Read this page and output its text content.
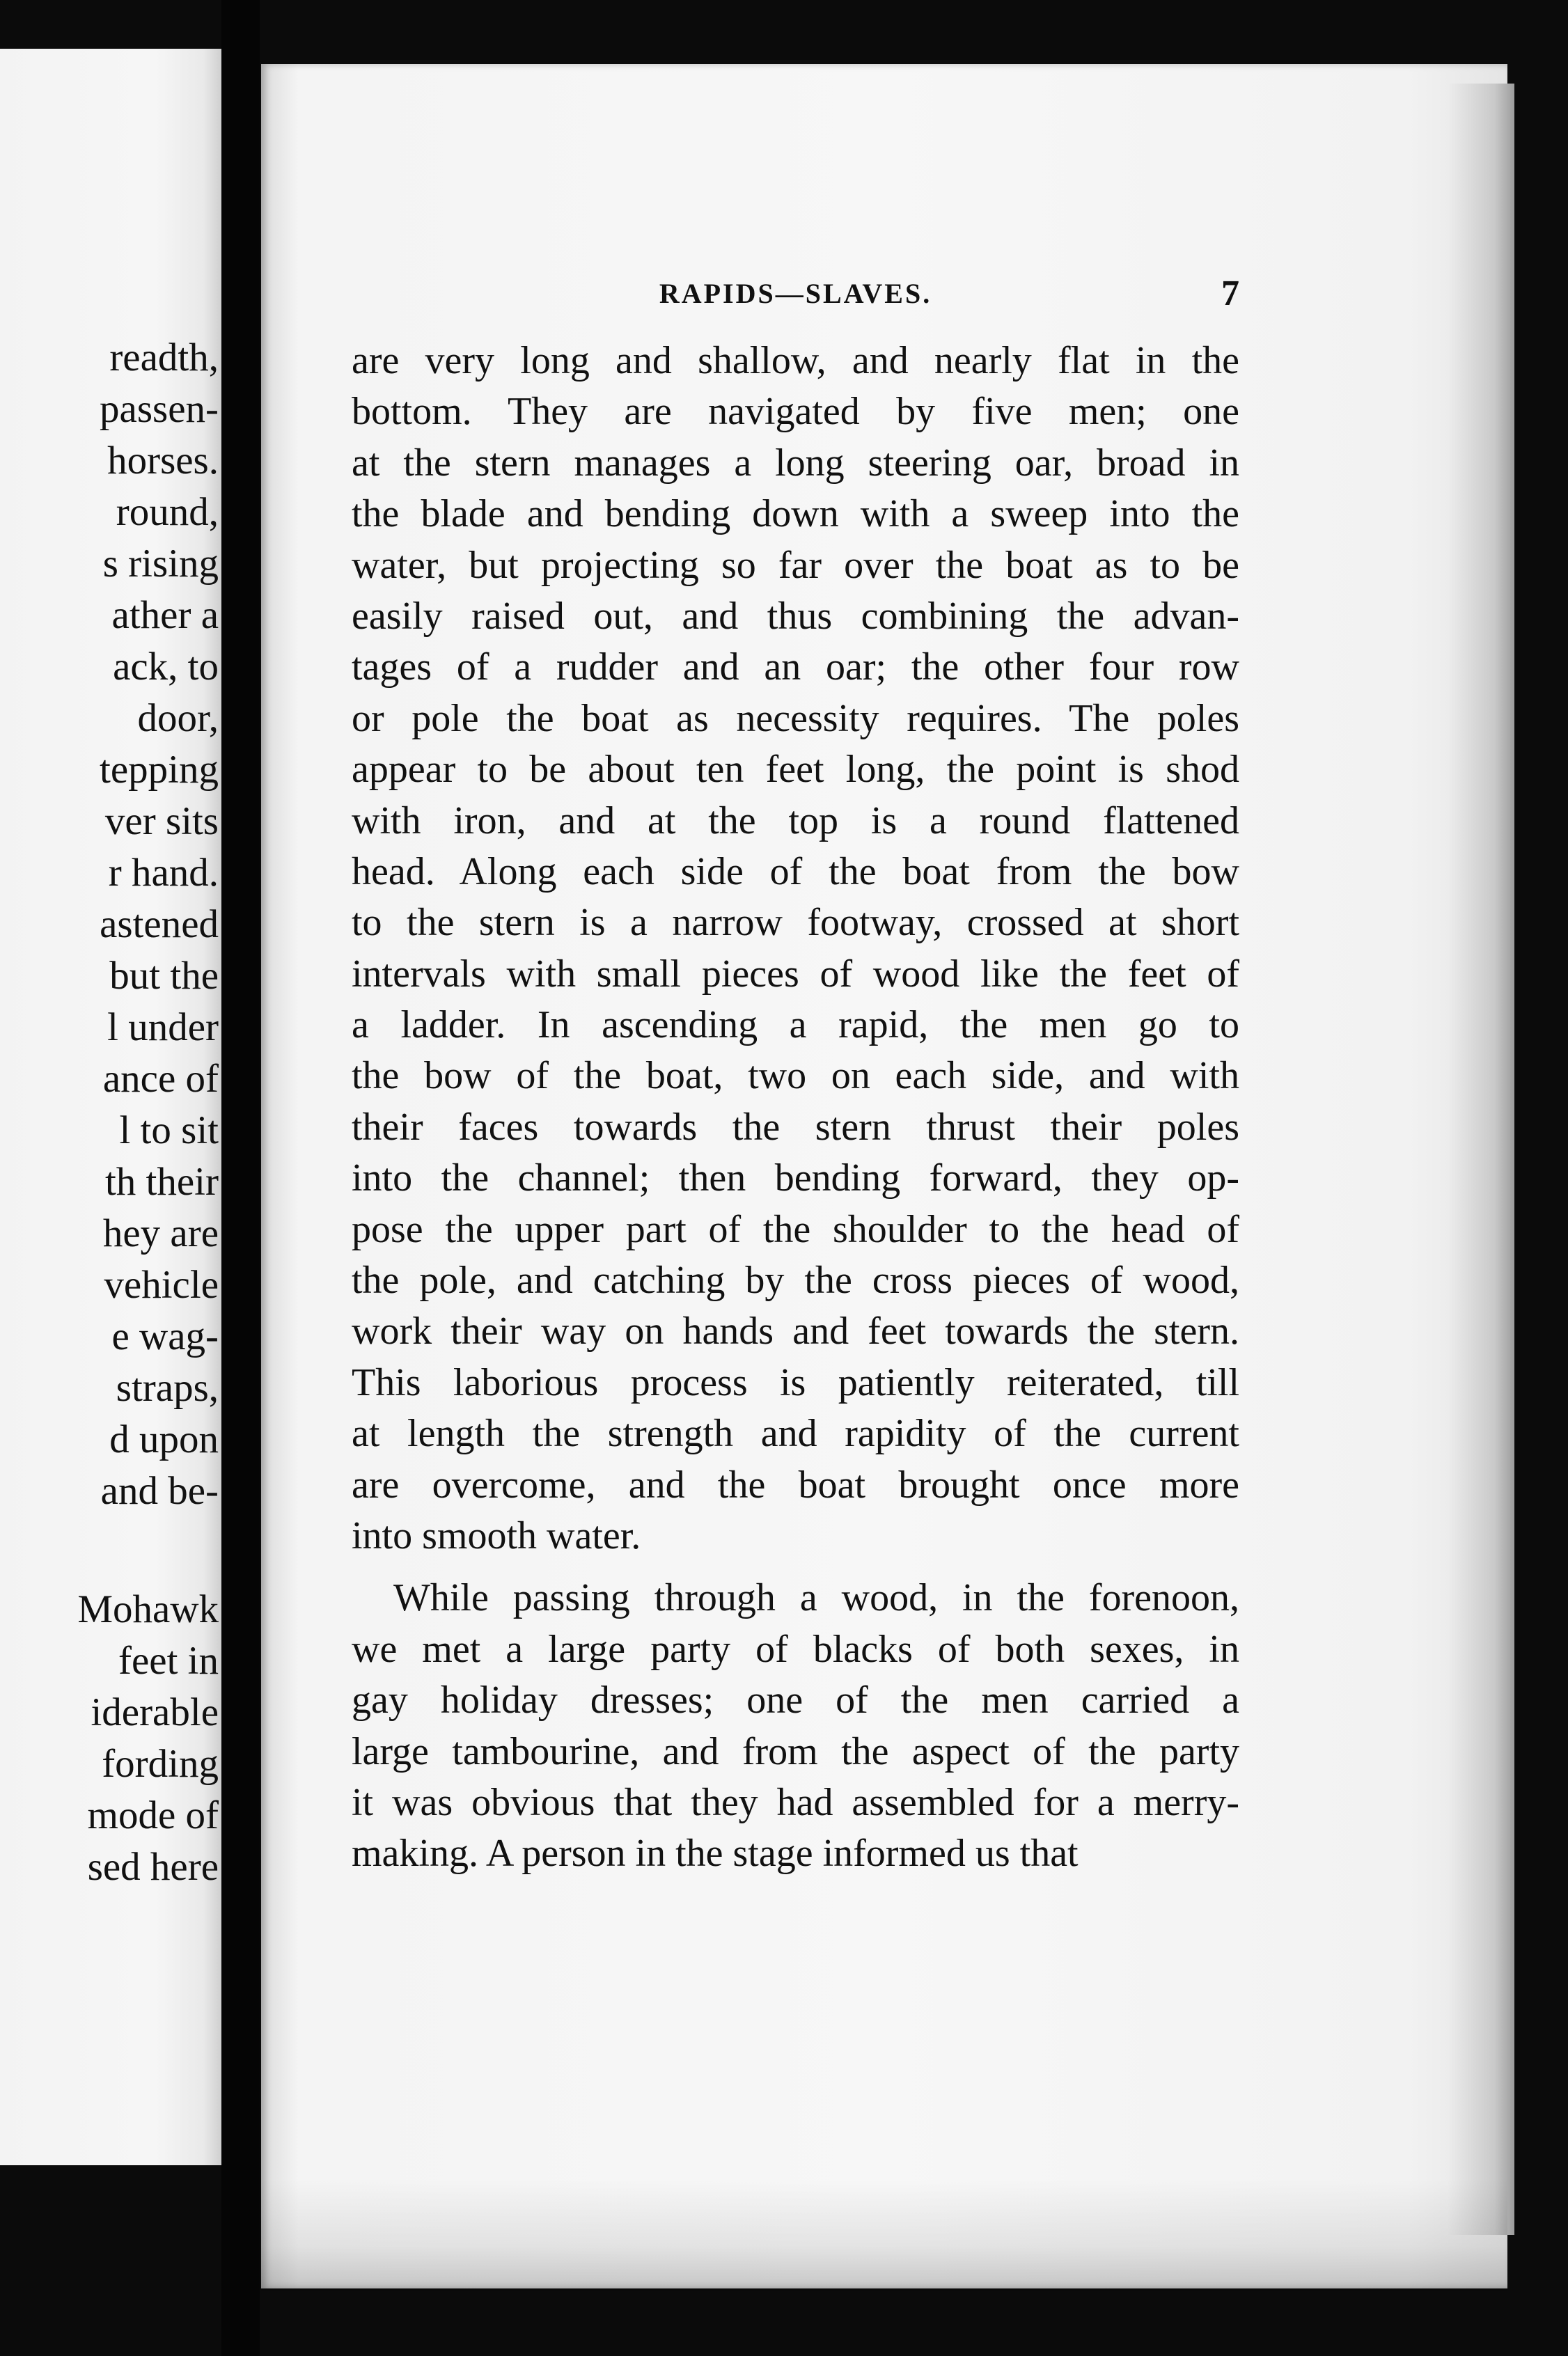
readth,
passen-
horses.
round,
s rising
ather a
ack, to
door,
tepping
ver sits
r hand.
astened
but the
l under
ance of
l to sit
th their
hey are
vehicle
e wag-
straps,
d upon
and be-
Mohawk
feet in
iderable
fording
mode of
sed here
RAPIDS—SLAVES.	7
are very long and shallow, and nearly flat in the
bottom. They are navigated by five men; one
at the stern manages a long steering oar, broad in
the blade and bending down with a sweep into the
water, but projecting so far over the boat as to be
easily raised out, and thus combining the advan-
tages of a rudder and an oar; the other four row
or pole the boat as necessity requires. The poles
appear to be about ten feet long, the point is shod
with iron, and at the top is a round flattened
head. Along each side of the boat from the bow
to the stern is a narrow footway, crossed at short
intervals with small pieces of wood like the feet of
a ladder. In ascending a rapid, the men go to
the bow of the boat, two on each side, and with
their faces towards the stern thrust their poles
into the channel; then bending forward, they op-
pose the upper part of the shoulder to the head of
the pole, and catching by the cross pieces of wood,
work their way on hands and feet towards the stern.
This laborious process is patiently reiterated, till
at length the strength and rapidity of the current
are overcome, and the boat brought once more
into smooth water.
While passing through a wood, in the forenoon,
we met a large party of blacks of both sexes, in
gay holiday dresses; one of the men carried a
large tambourine, and from the aspect of the party
it was obvious that they had assembled for a merry-
making. A person in the stage informed us that
